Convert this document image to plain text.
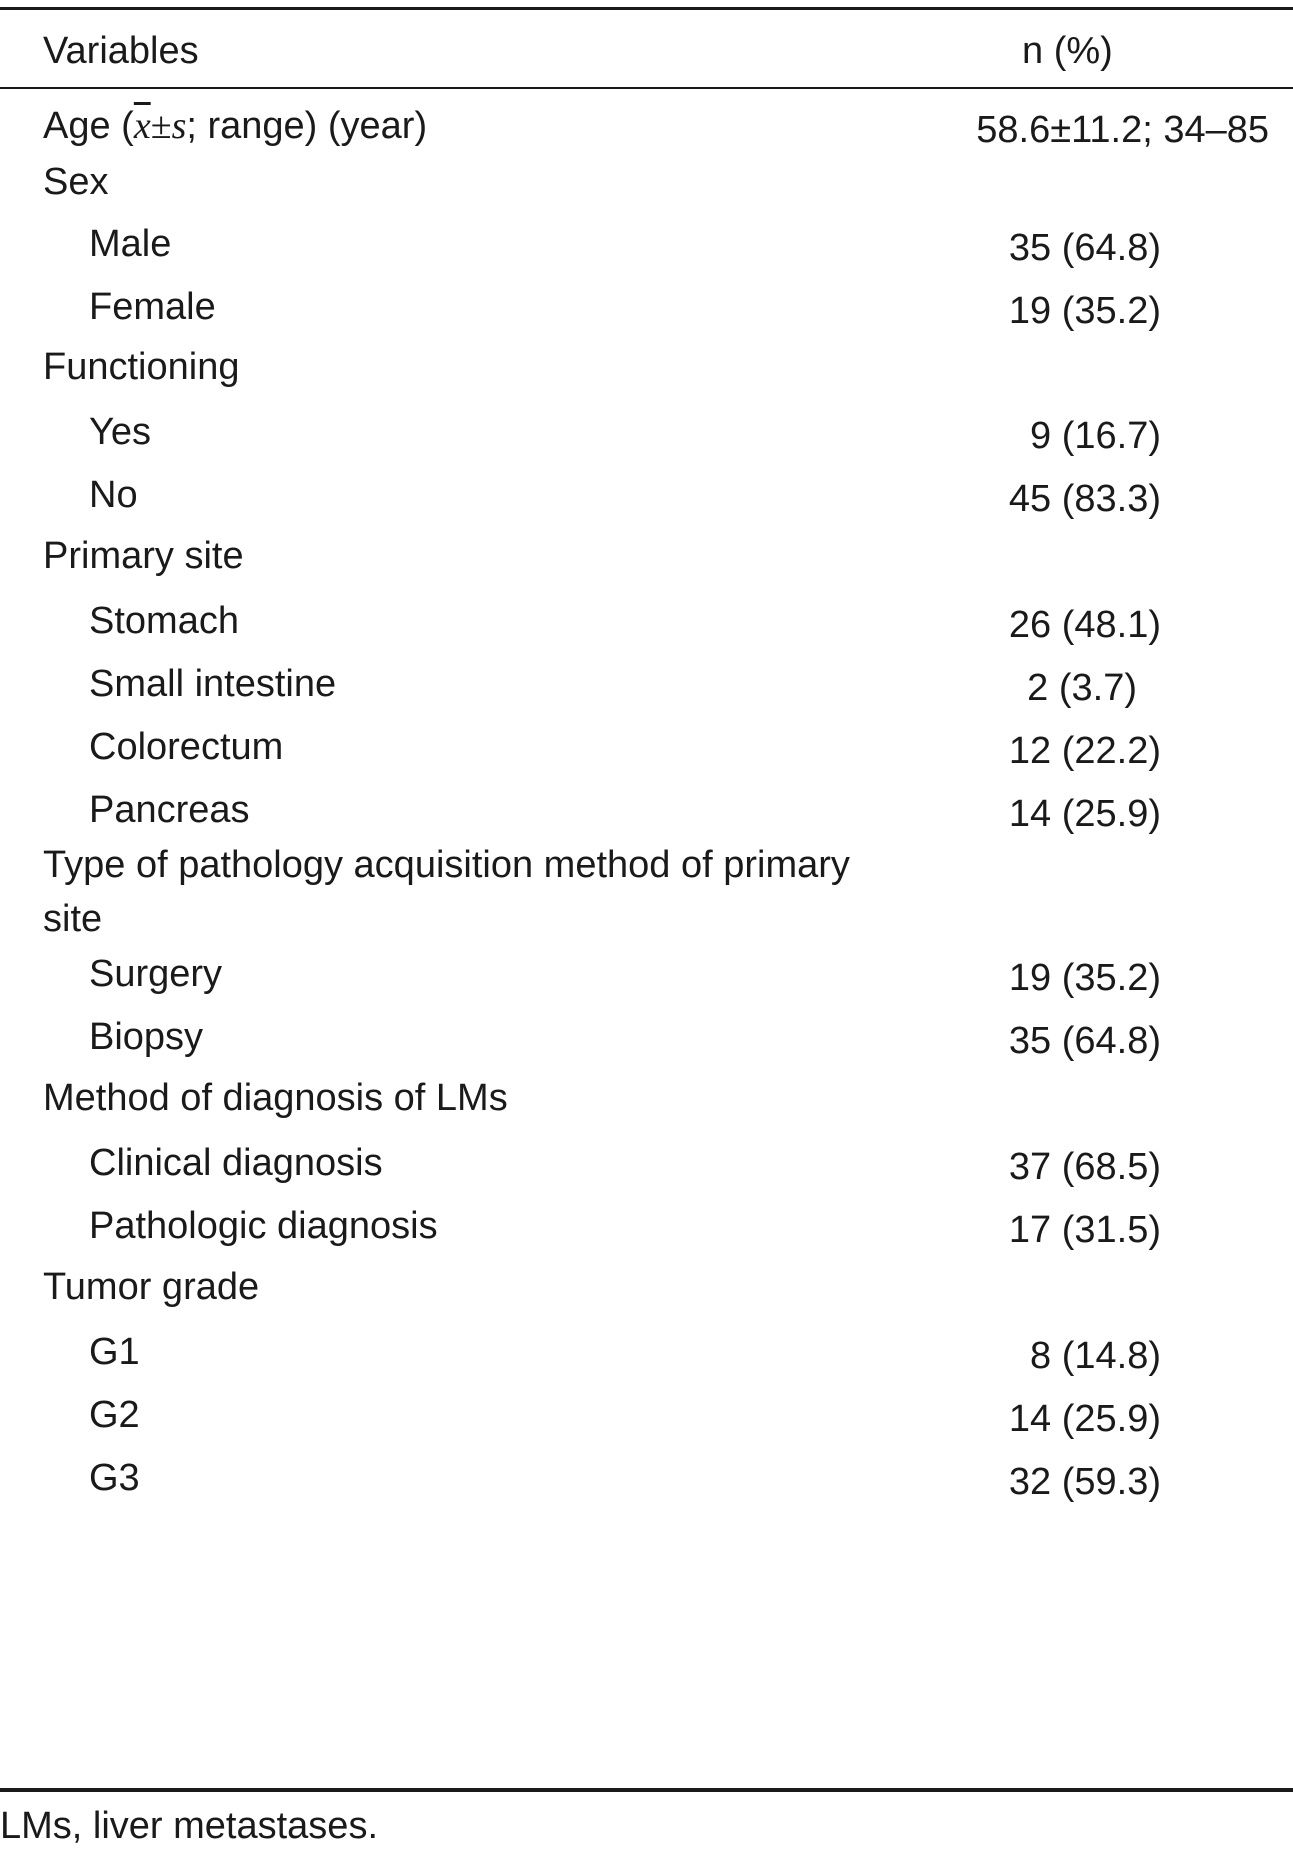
Variables	n (%)
Age ($\overline{x}\pm s$; range) (year)	58.6±11.2; 34–85
Sex
Male	35 (64.8)
Female	19 (35.2)
Functioning
Yes	9 (16.7)
No	45 (83.3)
Primary site
Stomach	26 (48.1)
Small intestine	2 (3.7)
Colorectum	12 (22.2)
Pancreas	14 (25.9)
Type of pathology acquisition method of primary site
Surgery	19 (35.2)
Biopsy	35 (64.8)
Method of diagnosis of LMs
Clinical diagnosis	37 (68.5)
Pathologic diagnosis	17 (31.5)
Tumor grade
G1	8 (14.8)
G2	14 (25.9)
G3	32 (59.3)
LMs, liver metastases.
